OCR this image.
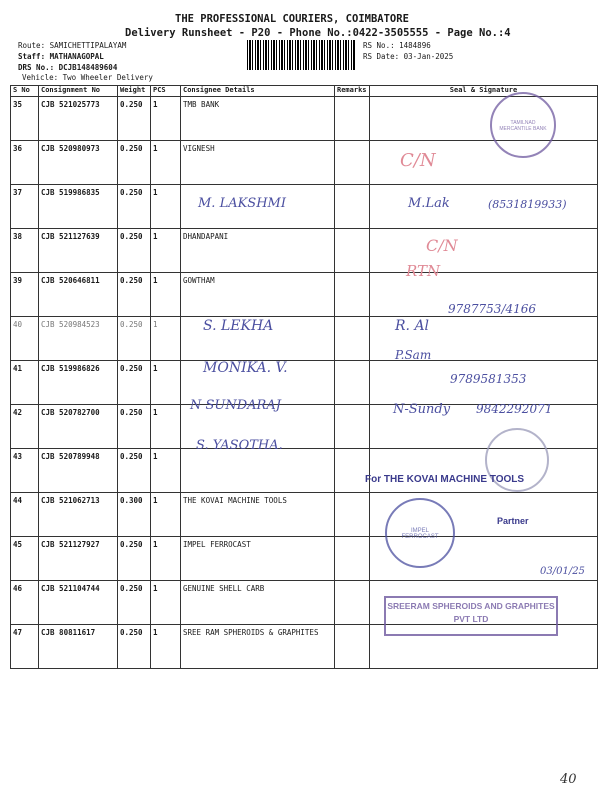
THE PROFESSIONAL COURIERS, COIMBATORE
Delivery Runsheet - P20 - Phone No.:0422-3505555 - Page No.:4
Route: SAMICHETTIPALAYAM
Staff: MATHANAGOPAL
DRS No.: DCJB148489604
Vehicle: Two Wheeler Delivery
RS No.: 1484896
RS Date: 03-Jan-2025
S No	Consignment No	Weight	PCS	Consignee Details	Remarks	Seal & Signature
35	CJB 521025773	0.250	1	TMB BANK		
36	CJB 520980973	0.250	1	VIGNESH		
37	CJB 519986835	0.250	1			
38	CJB 521127639	0.250	1	DHANDAPANI		
39	CJB 520646811	0.250	1	GOWTHAM		
40	CJB 520984523	0.250	1			
41	CJB 519986826	0.250	1			
42	CJB 520782700	0.250	1			
43	CJB 520789948	0.250	1			
44	CJB 521062713	0.300	1	THE KOVAI MACHINE TOOLS		
45	CJB 521127927	0.250	1	IMPEL FERROCAST		
46	CJB 521104744	0.250	1	GENUINE SHELL CARB		
47	CJB 80811617	0.250	1	SREE RAM SPHEROIDS & GRAPHITES		
M. LAKSHMI	M.Lak	(8531819933)
C/N
C/N
RTN
S. LEKHA
9787753/4166
R. Al
MONIKA. V.
P.Sam
9789581353
N SUNDARAJ	N-Sundy 9842292071
S. YASOTHA.
03/01/25
40
TAMILNAD MERCANTILE BANK
For THE KOVAI MACHINE TOOLS
Partner
IMPEL FERROCAST
SREERAM SPHEROIDS AND GRAPHITES PVT LTD
